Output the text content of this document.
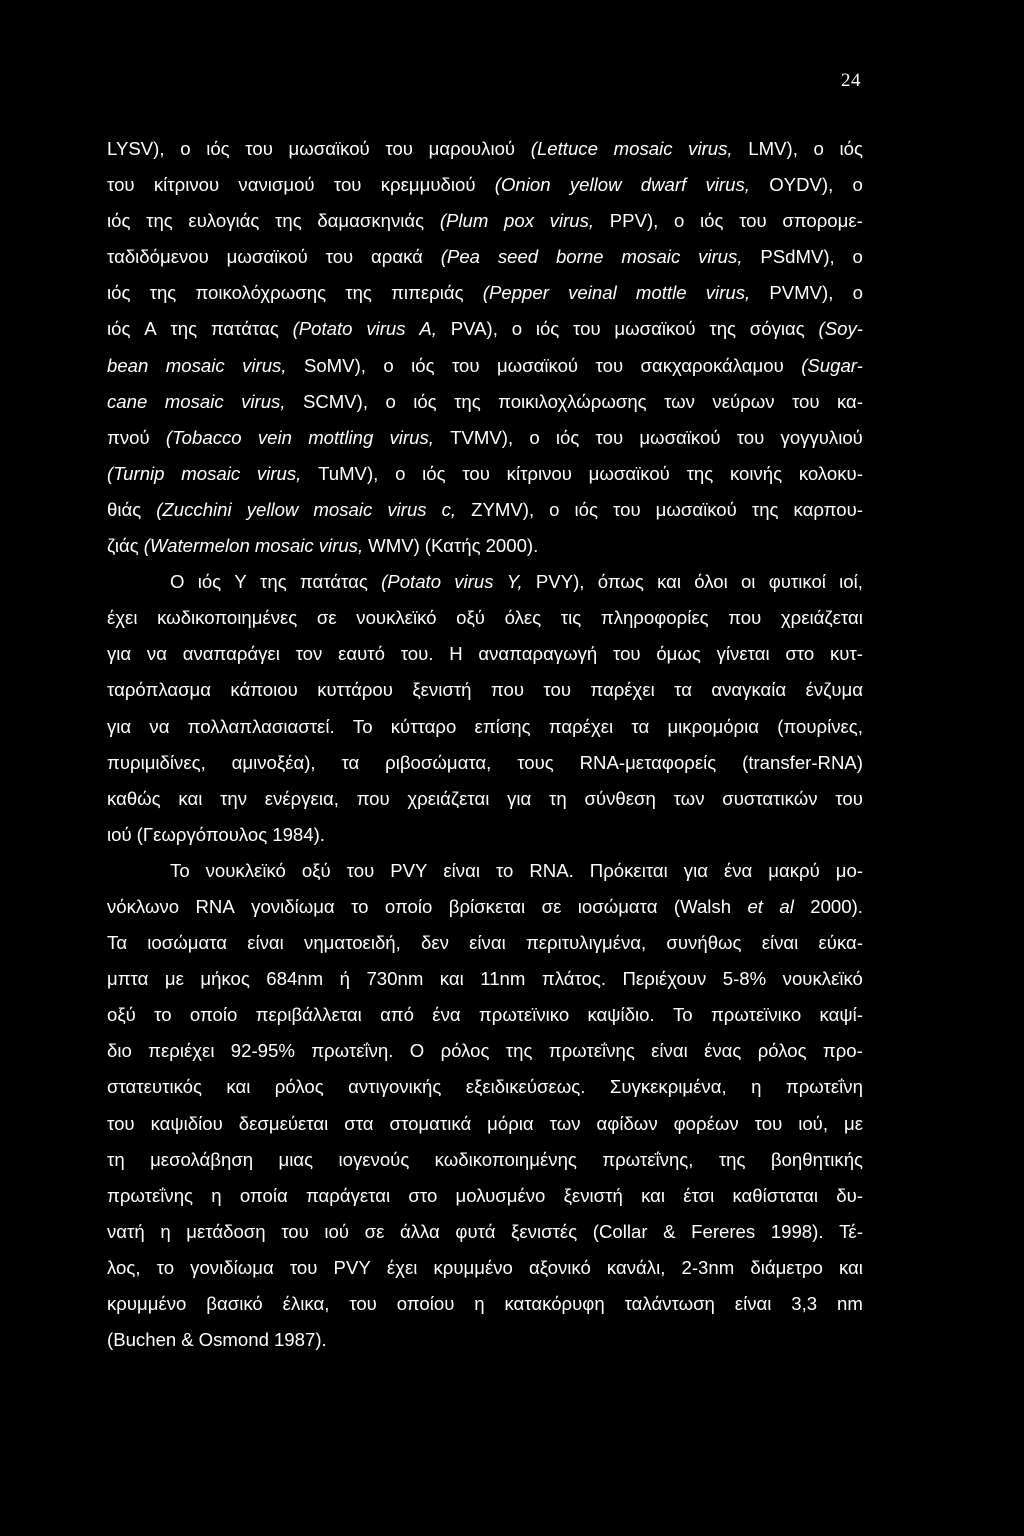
24
LYSV), ο ιός του μωσαϊκού του μαρουλιού (Lettuce mosaic virus, LMV), ο ιός
του κίτρινου νανισμού του κρεμμυδιού (Onion yellow dwarf virus, OYDV), ο
ιός της ευλογιάς της δαμασκηνιάς (Plum pox virus, PPV), ο ιός του σπορομε-
ταδιδόμενου μωσαϊκού του αρακά (Pea seed borne mosaic virus, PSdMV), ο
ιός της ποικολόχρωσης της πιπεριάς (Pepper veinal mottle virus, PVMV), ο
ιός Α της πατάτας (Potato virus A, PVA), ο ιός του μωσαϊκού της σόγιας (Soy-
bean mosaic virus, SoMV), ο ιός του μωσαϊκού του σακχαροκάλαμου (Sugar-
cane mosaic virus, SCMV), ο ιός της ποικιλοχλώρωσης των νεύρων του κα-
πνού (Tobacco vein mottling virus, TVMV), ο ιός του μωσαϊκού του γογγυλιού
(Turnip mosaic virus, TuMV), ο ιός του κίτρινου μωσαϊκού της κοινής κολοκυ-
θιάς (Zucchini yellow mosaic virus c, ZYMV), ο ιός του μωσαϊκού της καρπου-
ζιάς (Watermelon mosaic virus, WMV) (Κατής 2000).
Ο ιός Υ της πατάτας (Potato virus Y, PVY), όπως και όλοι οι φυτικοί ιοί,
έχει κωδικοποιημένες σε νουκλεϊκό οξύ όλες τις πληροφορίες που χρειάζεται
για να αναπαράγει τον εαυτό του. Η αναπαραγωγή του όμως γίνεται στο κυτ-
ταρόπλασμα κάποιου κυττάρου ξενιστή που του παρέχει τα αναγκαία ένζυμα
για να πολλαπλασιαστεί. Το κύτταρο επίσης παρέχει τα μικρομόρια (πουρίνες,
πυριμιδίνες, αμινοξέα), τα ριβοσώματα, τους RNA-μεταφορείς (transfer-RNA)
καθώς και την ενέργεια, που χρειάζεται για τη σύνθεση των συστατικών του
ιού (Γεωργόπουλος 1984).
Το νουκλεϊκό οξύ του PVY είναι το RNA. Πρόκειται για ένα μακρύ μο-
νόκλωνο RNA γονιδίωμα το οποίο βρίσκεται σε ιοσώματα (Walsh et al 2000).
Τα ιοσώματα είναι νηματοειδή, δεν είναι περιτυλιγμένα, συνήθως είναι εύκα-
μπτα με μήκος 684nm ή 730nm και 11nm πλάτος. Περιέχουν 5-8% νουκλεϊκό
οξύ το οποίο περιβάλλεται από ένα πρωτεϊνικο καψίδιο. Το πρωτεϊνικο καψί-
διο περιέχει 92-95% πρωτεΐνη. Ο ρόλος της πρωτεΐνης είναι ένας ρόλος προ-
στατευτικός και ρόλος αντιγονικής εξειδικεύσεως. Συγκεκριμένα, η πρωτεΐνη
του καψιδίου δεσμεύεται στα στοματικά μόρια των αφίδων φορέων του ιού, με
τη μεσολάβηση μιας ιογενούς κωδικοποιημένης πρωτεΐνης, της βοηθητικής
πρωτεΐνης η οποία παράγεται στο μολυσμένο ξενιστή και έτσι καθίσταται δυ-
νατή η μετάδοση του ιού σε άλλα φυτά ξενιστές (Collar & Fereres 1998). Τέ-
λος, το γονιδίωμα του PVY έχει κρυμμένο αξονικό κανάλι, 2-3nm διάμετρο και
κρυμμένο βασικό έλικα, του οποίου η κατακόρυφη ταλάντωση είναι 3,3 nm
(Buchen & Osmond 1987).
